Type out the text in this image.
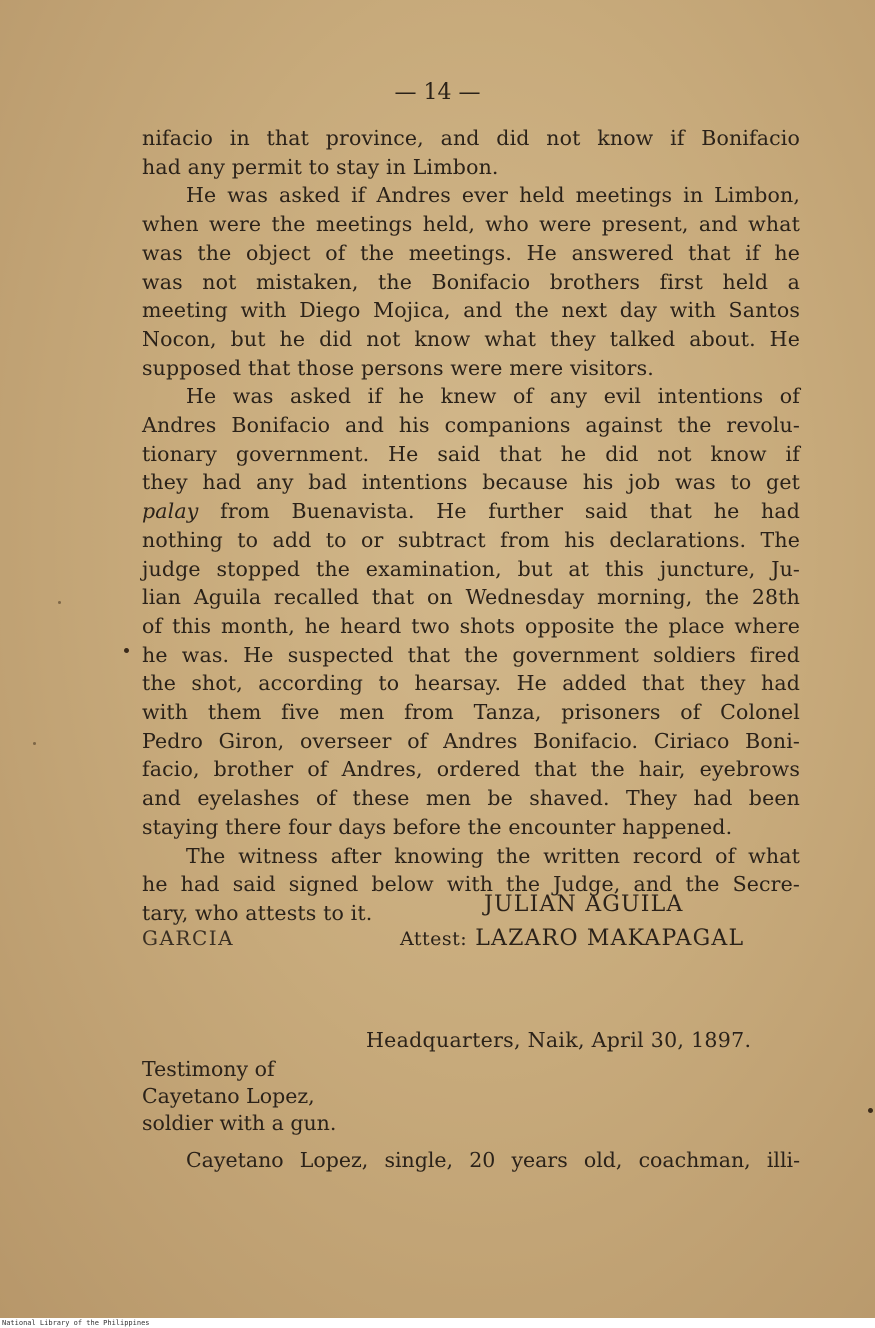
— 14 —
nifacio in that province, and did not know if Bonifacio
had any permit to stay in Limbon.
He was asked if Andres ever held meetings in Limbon,
when were the meetings held, who were present, and what
was the object of the meetings. He answered that if he
was not mistaken, the Bonifacio brothers first held a
meeting with Diego Mojica, and the next day with Santos
Nocon, but he did not know what they talked about. He
supposed that those persons were mere visitors.
He was asked if he knew of any evil intentions of
Andres Bonifacio and his companions against the revolu-
tionary government. He said that he did not know if
they had any bad intentions because his job was to get
palay from Buenavista. He further said that he had
nothing to add to or subtract from his declarations. The
judge stopped the examination, but at this juncture, Ju-
lian Aguila recalled that on Wednesday morning, the 28th
of this month, he heard two shots opposite the place where
he was. He suspected that the government soldiers fired
the shot, according to hearsay. He added that they had
with them five men from Tanza, prisoners of Colonel
Pedro Giron, overseer of Andres Bonifacio. Ciriaco Boni-
facio, brother of Andres, ordered that the hair, eyebrows
and eyelashes of these men be shaved. They had been
staying there four days before the encounter happened.
The witness after knowing the written record of what
he had said signed below with the Judge, and the Secre-
tary, who attests to it.	JULIAN AGUILA
GARCIA	Attest: LAZARO MAKAPAGAL
Headquarters, Naik, April 30, 1897.
Testimony of
Cayetano Lopez,
soldier with a gun.
Cayetano Lopez, single, 20 years old, coachman, illi-
National Library of the Philippines
